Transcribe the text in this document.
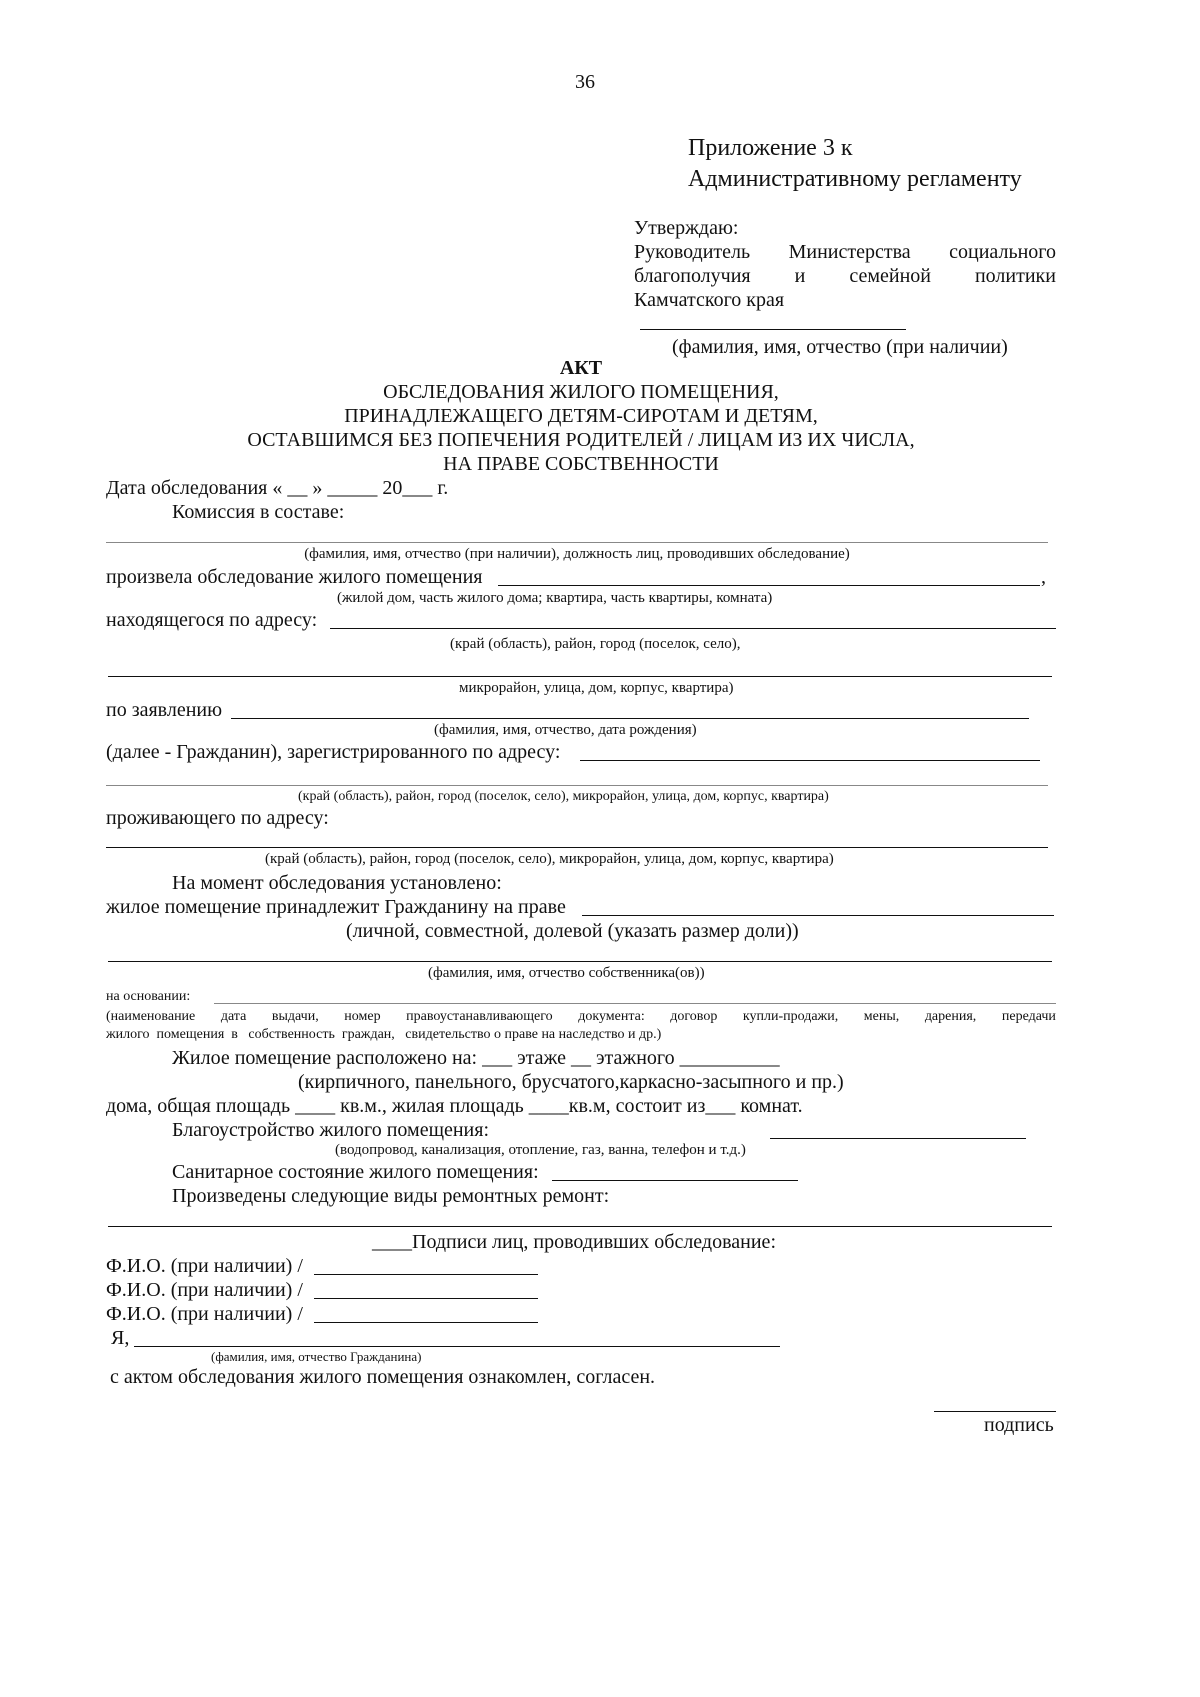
36
Приложение 3 к
Административному регламенту
Утверждаю:
Руководитель Министерства социального
благополучия и семейной политики
Камчатского края
(фамилия, имя, отчество (при наличии)
АКТ
ОБСЛЕДОВАНИЯ ЖИЛОГО ПОМЕЩЕНИЯ,
ПРИНАДЛЕЖАЩЕГО ДЕТЯМ-СИРОТАМ И ДЕТЯМ,
ОСТАВШИМСЯ БЕЗ ПОПЕЧЕНИЯ РОДИТЕЛЕЙ / ЛИЦАМ ИЗ ИХ ЧИСЛА,
НА ПРАВЕ СОБСТВЕННОСТИ
Дата обследования « __ » _____ 20___ г.
Комиссия в составе:
(фамилия, имя, отчество (при наличии), должность лиц, проводивших обследование)
произвела обследование жилого помещения	,
(жилой дом, часть жилого дома; квартира, часть квартиры, комната)
находящегося по адресу:
(край (область), район, город (поселок, село),
микрорайон, улица, дом, корпус, квартира)
по заявлению
(фамилия, имя, отчество, дата рождения)
(далее - Гражданин), зарегистрированного по адресу:
(край (область), район, город (поселок, село), микрорайон, улица, дом, корпус, квартира)
проживающего по адресу:
(край (область), район, город (поселок, село), микрорайон, улица, дом, корпус, квартира)
На момент обследования установлено:
жилое помещение принадлежит Гражданину на праве
(личной, совместной, долевой (указать размер доли))
(фамилия, имя, отчество собственника(ов))
на основании:
(наименование дата выдачи, номер правоустанавливающего документа: договор купли-продажи, мены, дарения, передачи
жилого  помещения  в   собственность  граждан,   свидетельство о праве на наследство и др.)
Жилое помещение расположено на: ___ этаже __ этажного __________
(кирпичного, панельного, брусчатого,каркасно-засыпного и пр.)
дома, общая площадь ____ кв.м., жилая площадь ____кв.м, состоит из___ комнат.
Благоустройство жилого помещения:
(водопровод, канализация, отопление, газ, ванна, телефон и т.д.)
Санитарное состояние жилого помещения:
Произведены следующие виды ремонтных ремонт:
____Подписи лиц, проводивших обследование:
Ф.И.О. (при наличии) /
Ф.И.О. (при наличии) /
Ф.И.О. (при наличии) /
Я,
(фамилия, имя, отчество Гражданина)
с актом обследования жилого помещения ознакомлен, согласен.
подпись
